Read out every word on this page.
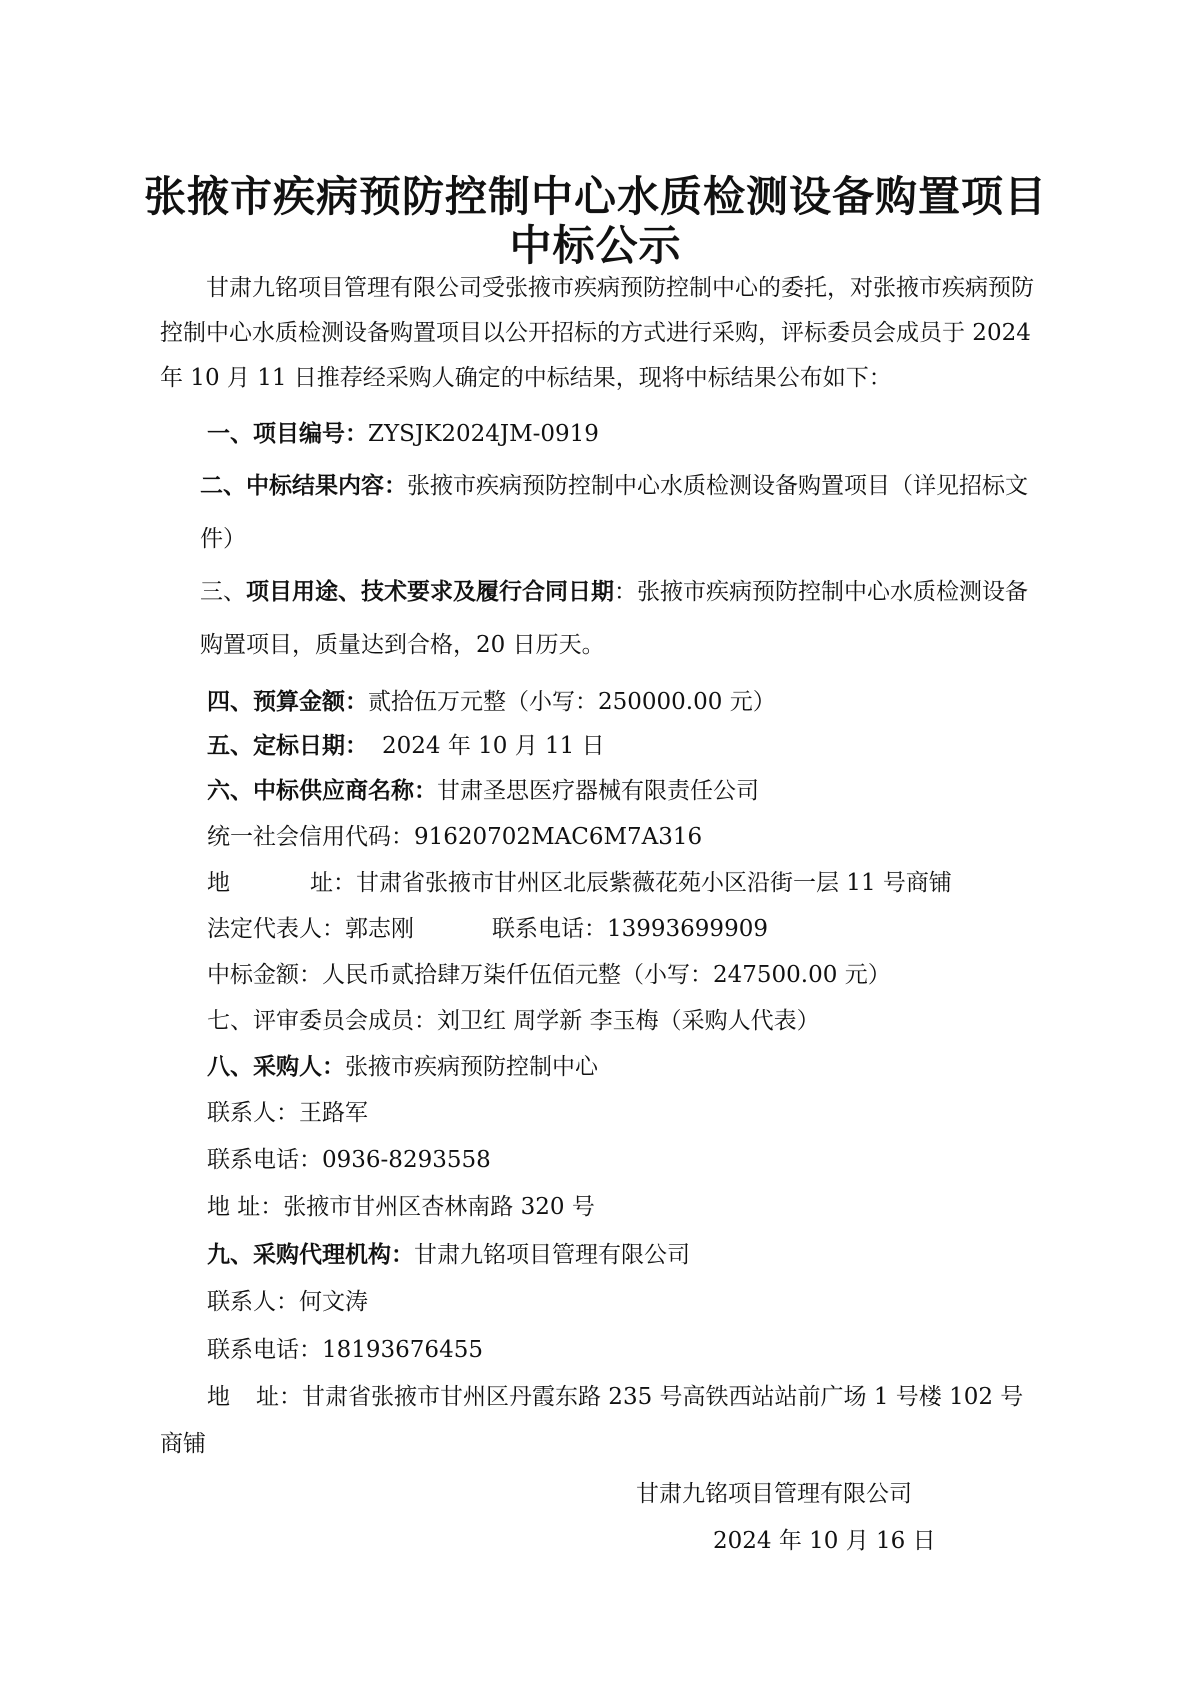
张掖市疾病预防控制中心水质检测设备购置项目
中标公示

甘肃九铭项目管理有限公司受张掖市疾病预防控制中心的委托，对张掖市疾病预防控制中心水质检测设备购置项目以公开招标的方式进行采购，评标委员会成员于 2024 年 10 月 11 日推荐经采购人确定的中标结果，现将中标结果公布如下：

一、项目编号：ZYSJK2024JM-0919
二、中标结果内容：张掖市疾病预防控制中心水质检测设备购置项目（详见招标文件）
三、项目用途、技术要求及履行合同日期：张掖市疾病预防控制中心水质检测设备购置项目，质量达到合格，20 日历天。
四、预算金额：贰拾伍万元整（小写：250000.00 元）
五、定标日期： 2024 年 10 月 11 日
六、中标供应商名称：甘肃圣思医疗器械有限责任公司
统一社会信用代码：91620702MAC6M7A316
地	址：甘肃省张掖市甘州区北辰紫薇花苑小区沿街一层 11 号商铺
法定代表人：郭志刚	联系电话：13993699909
中标金额：人民币贰拾肆万柒仟伍佰元整（小写：247500.00 元）
七、评审委员会成员：刘卫红 周学新 李玉梅（采购人代表）
八、采购人：张掖市疾病预防控制中心
联系人：王路军
联系电话：0936-8293558
地 址：张掖市甘州区杏林南路 320 号
九、采购代理机构：甘肃九铭项目管理有限公司
联系人：何文涛
联系电话：18193676455
地 址：甘肃省张掖市甘州区丹霞东路 235 号高铁西站站前广场 1 号楼 102 号
商铺
甘肃九铭项目管理有限公司
2024 年 10 月 16 日
